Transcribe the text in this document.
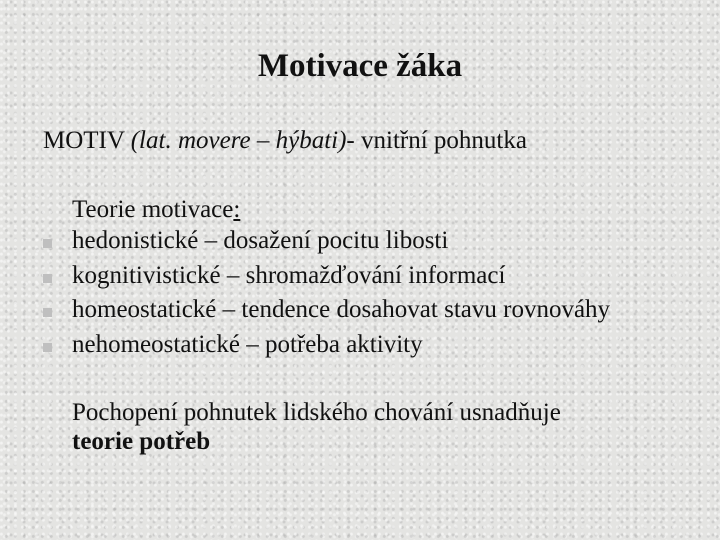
Motivace žáka
MOTIV (lat. movere – hýbati)- vnitřní pohnutka
Teorie motivace:
hedonistické – dosažení pocitu libosti
kognitivistické – shromažďování informací
homeostatické – tendence dosahovat stavu rovnováhy
nehomeostatické – potřeba aktivity
Pochopení pohnutek lidského chování usnadňuje
teorie potřeb
